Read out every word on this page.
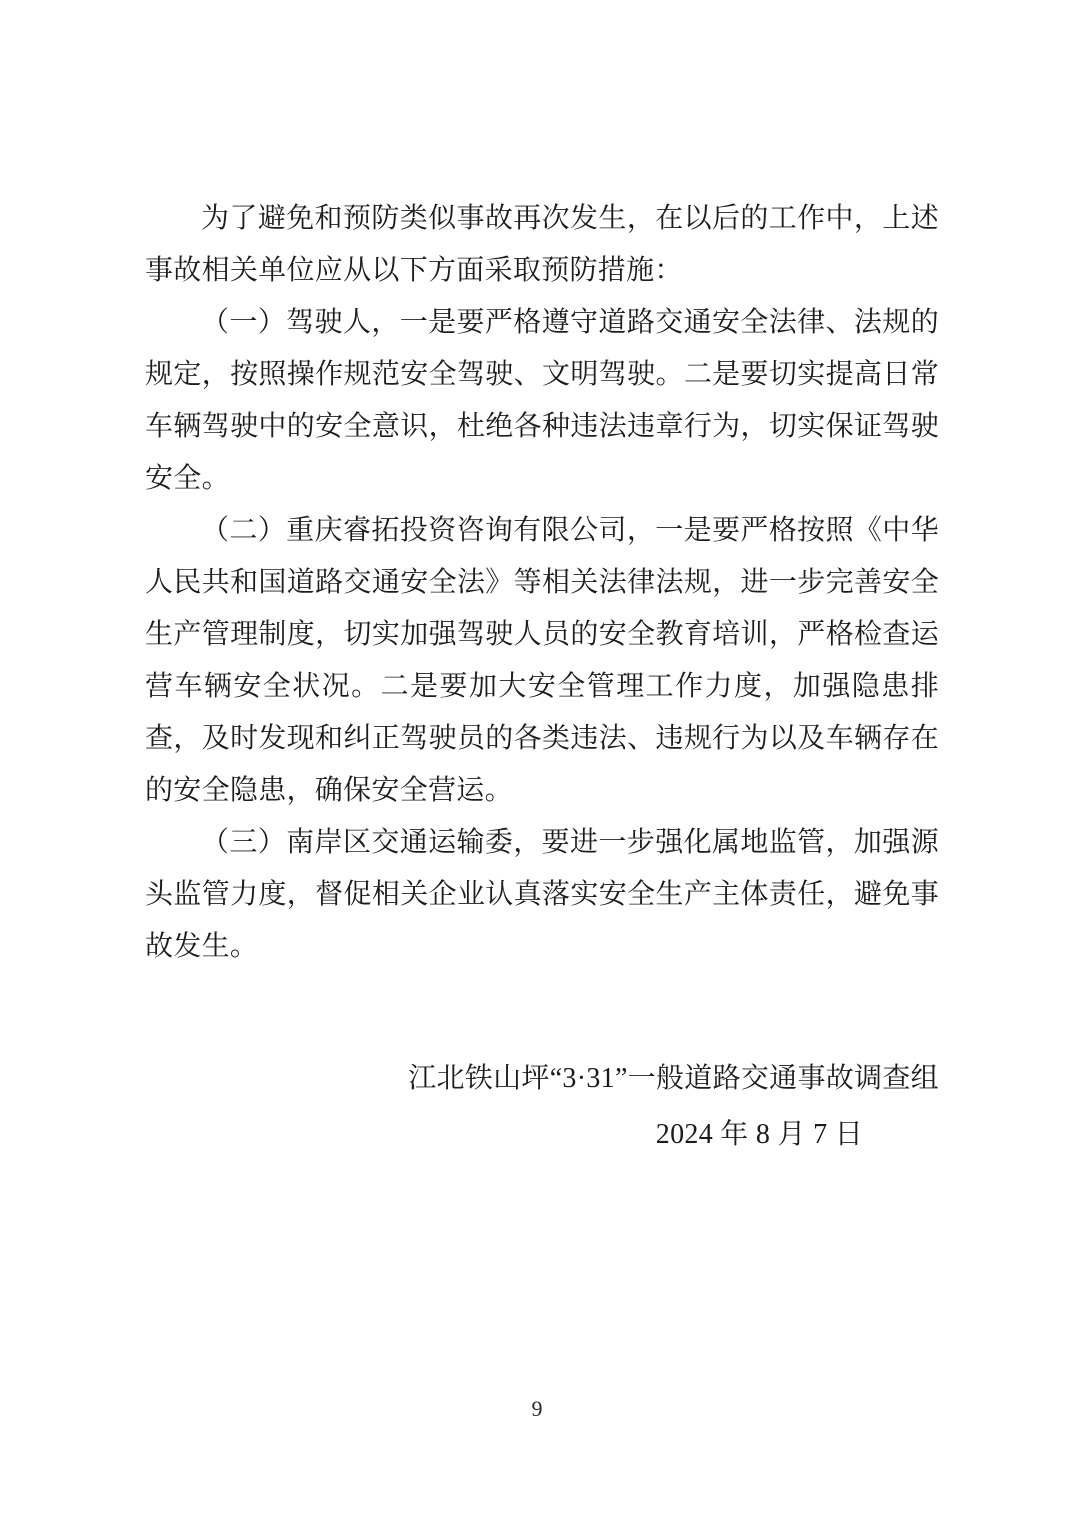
为了避免和预防类似事故再次发生，在以后的工作中，上述事故相关单位应从以下方面采取预防措施：

（一）驾驶人，一是要严格遵守道路交通安全法律、法规的规定，按照操作规范安全驾驶、文明驾驶。二是要切实提高日常车辆驾驶中的安全意识，杜绝各种违法违章行为，切实保证驾驶安全。

（二）重庆睿拓投资咨询有限公司，一是要严格按照《中华人民共和国道路交通安全法》等相关法律法规，进一步完善安全生产管理制度，切实加强驾驶人员的安全教育培训，严格检查运营车辆安全状况。二是要加大安全管理工作力度，加强隐患排查，及时发现和纠正驾驶员的各类违法、违规行为以及车辆存在的安全隐患，确保安全营运。

（三）南岸区交通运输委，要进一步强化属地监管，加强源头监管力度，督促相关企业认真落实安全生产主体责任，避免事故发生。

江北铁山坪“3·31”一般道路交通事故调查组
2024 年 8 月 7 日
9
